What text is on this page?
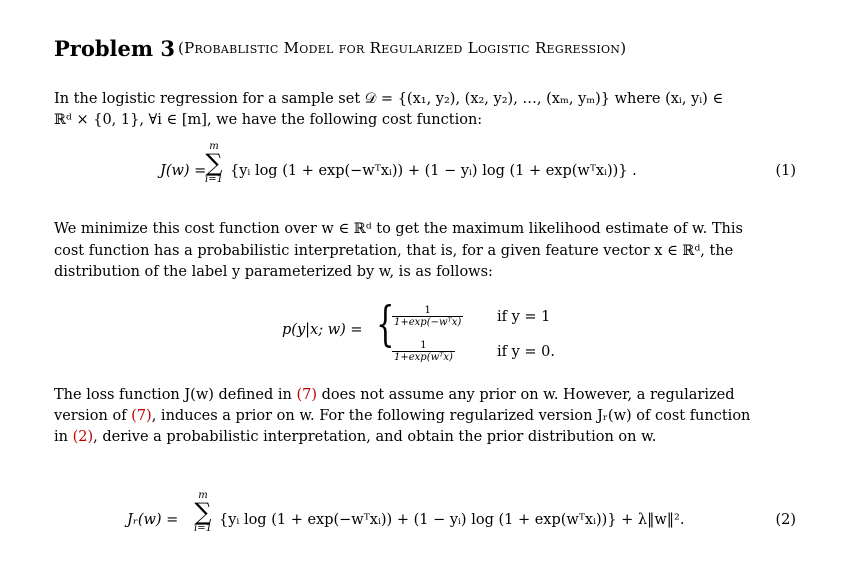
Problem 3 (Probablistic Model for Regularized Logistic Regression)
In the logistic regression for a sample set 𝒟 = {(x₁, y₂), (x₂, y₂), …, (xₘ, yₘ)} where (xᵢ, yᵢ) ∈
ℝᵈ × {0, 1}, ∀i ∈ [m], we have the following cost function:
J(w) =
m
∑
i=1
{yᵢ log (1 + exp(−wᵀxᵢ)) + (1 − yᵢ) log (1 + exp(wᵀxᵢ))} .	(1)
We minimize this cost function over w ∈ ℝᵈ to get the maximum likelihood estimate of w. This
cost function has a probabilistic interpretation, that is, for a given feature vector x ∈ ℝᵈ, the
distribution of the label y parameterized by w, is as follows:
p(y|x; w) = {
$\frac{1}{\text{1+exp(−wᵀx)}}$ if y = 1
$\frac{1}{\text{1+exp(wᵀx)}}$	if y = 0.
The loss function J(w) defined in (7) does not assume any prior on w. However, a regularized
version of (7), induces a prior on w. For the following regularized version Jᵣ(w) of cost function
in (2), derive a probabilistic interpretation, and obtain the prior distribution on w.
Jᵣ(w) =
m
∑
i=1
{yᵢ log (1 + exp(−wᵀxᵢ)) + (1 − yᵢ) log (1 + exp(wᵀxᵢ))} + λ‖w‖².	(2)
